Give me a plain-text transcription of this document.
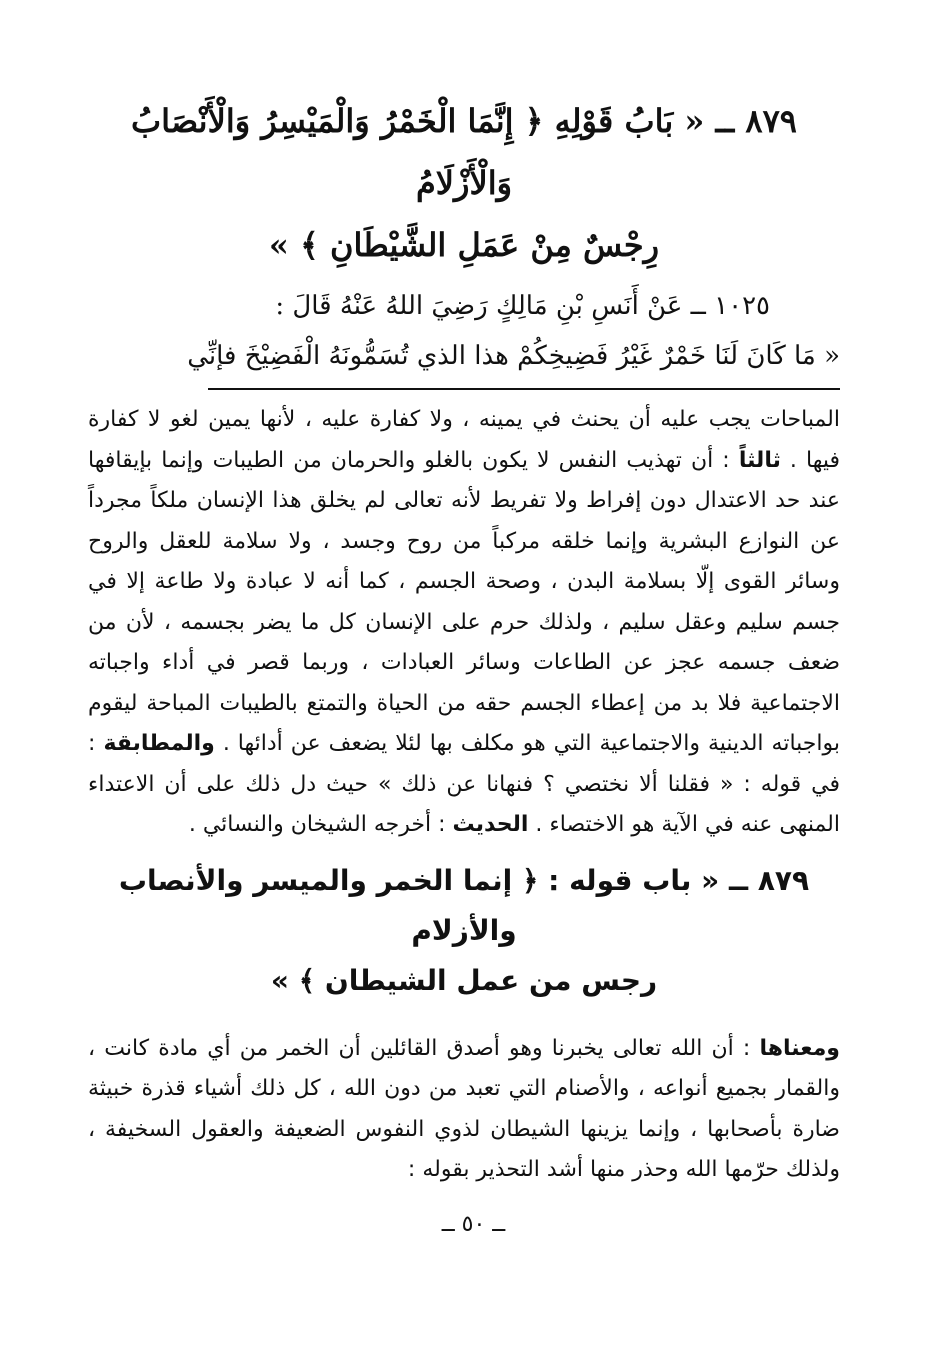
٨٧٩ ــ « بَابُ قَوْلِهِ ﴿ إِنَّمَا الْخَمْرُ وَالْمَيْسِرُ وَالْأَنْصَابُ وَالْأَزْلَامُ
رِجْسٌ مِنْ عَمَلِ الشَّيْطَانِ ﴾ »
١٠٢٥ ــ عَنْ أَنَسِ بْنِ مَالِكٍ رَضِيَ اللهُ عَنْهُ قَالَ :
« مَا كَانَ لَنَا خَمْرٌ غَيْرُ فَضِيخِكُمْ هذا الذي تُسَمُّونَهُ الْفَضِيْخَ فإنِّي
المباحات يجب عليه أن يحنث في يمينه ، ولا كفارة عليه ، لأنها يمين لغو لا كفارة فيها . ثالثاً : أن تهذيب النفس لا يكون بالغلو والحرمان من الطيبات وإنما بإيقافها عند حد الاعتدال دون إفراط ولا تفريط لأنه تعالى لم يخلق هذا الإنسان ملكاً مجرداً عن النوازع البشرية وإنما خلقه مركباً من روح وجسد ، ولا سلامة للعقل والروح وسائر القوى إلّا بسلامة البدن ، وصحة الجسم ، كما أنه لا عبادة ولا طاعة إلا في جسم سليم وعقل سليم ، ولذلك حرم على الإنسان كل ما يضر بجسمه ، لأن من ضعف جسمه عجز عن الطاعات وسائر العبادات ، وربما قصر في أداء واجباته الاجتماعية فلا بد من إعطاء الجسم حقه من الحياة والتمتع بالطيبات المباحة ليقوم بواجباته الدينية والاجتماعية التي هو مكلف بها لئلا يضعف عن أدائها . والمطابقة : في قوله : « فقلنا ألا نختصي ؟ فنهانا عن ذلك » حيث دل ذلك على أن الاعتداء المنهى عنه في الآية هو الاختصاء . الحديث : أخرجه الشيخان والنسائي .
٨٧٩ ــ « باب قوله : ﴿ إنما الخمر والميسر والأنصاب والأزلام
رجس من عمل الشيطان ﴾ »
ومعناها : أن الله تعالى يخبرنا وهو أصدق القائلين أن الخمر من أي مادة كانت ، والقمار بجميع أنواعه ، والأصنام التي تعبد من دون الله ، كل ذلك أشياء قذرة خبيثة ضارة بأصحابها ، وإنما يزينها الشيطان لذوي النفوس الضعيفة والعقول السخيفة ، ولذلك حرّمها الله وحذر منها أشد التحذير بقوله :
ــ ٥٠ ــ
